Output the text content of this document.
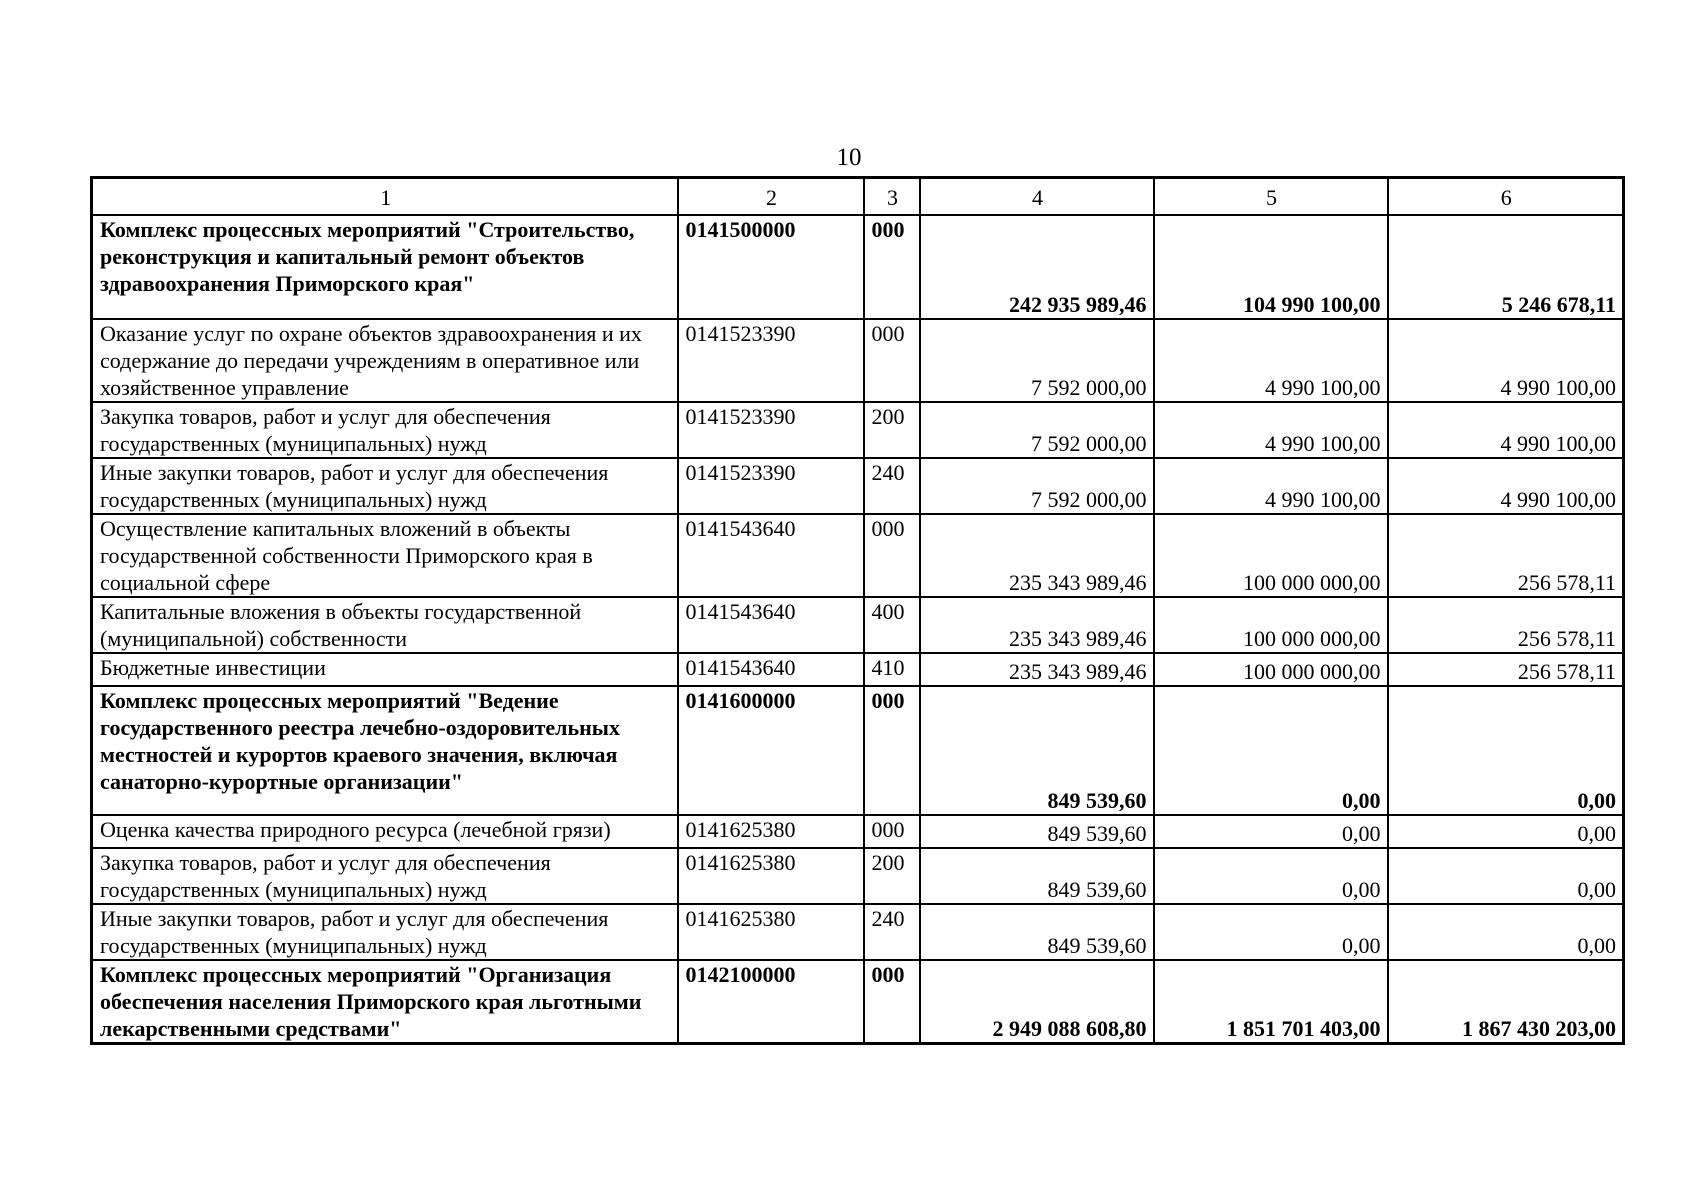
10
1	2	3	4	5	6
Комплекс процессных мероприятий "Строительство, реконструкция и капитальный ремонт объектов здравоохранения Приморского края"	0141500000	000	242 935 989,46	104 990 100,00	5 246 678,11
Оказание услуг по охране объектов здравоохранения и их содержание до передачи учреждениям в оперативное или хозяйственное управление	0141523390	000	7 592 000,00	4 990 100,00	4 990 100,00
Закупка товаров, работ и услуг для обеспечения государственных (муниципальных) нужд	0141523390	200	7 592 000,00	4 990 100,00	4 990 100,00
Иные закупки товаров, работ и услуг для обеспечения государственных (муниципальных) нужд	0141523390	240	7 592 000,00	4 990 100,00	4 990 100,00
Осуществление капитальных вложений в объекты государственной собственности Приморского края в социальной сфере	0141543640	000	235 343 989,46	100 000 000,00	256 578,11
Капитальные вложения в объекты государственной (муниципальной) собственности	0141543640	400	235 343 989,46	100 000 000,00	256 578,11
Бюджетные инвестиции	0141543640	410	235 343 989,46	100 000 000,00	256 578,11
Комплекс процессных мероприятий "Ведение государственного реестра лечебно-оздоровительных местностей и курортов краевого значения, включая санаторно-курортные организации"	0141600000	000	849 539,60	0,00	0,00
Оценка качества природного ресурса (лечебной грязи)	0141625380	000	849 539,60	0,00	0,00
Закупка товаров, работ и услуг для обеспечения государственных (муниципальных) нужд	0141625380	200	849 539,60	0,00	0,00
Иные закупки товаров, работ и услуг для обеспечения государственных (муниципальных) нужд	0141625380	240	849 539,60	0,00	0,00
Комплекс процессных мероприятий "Организация обеспечения населения Приморского края льготными лекарственными средствами"	0142100000	000	2 949 088 608,80	1 851 701 403,00	1 867 430 203,00
